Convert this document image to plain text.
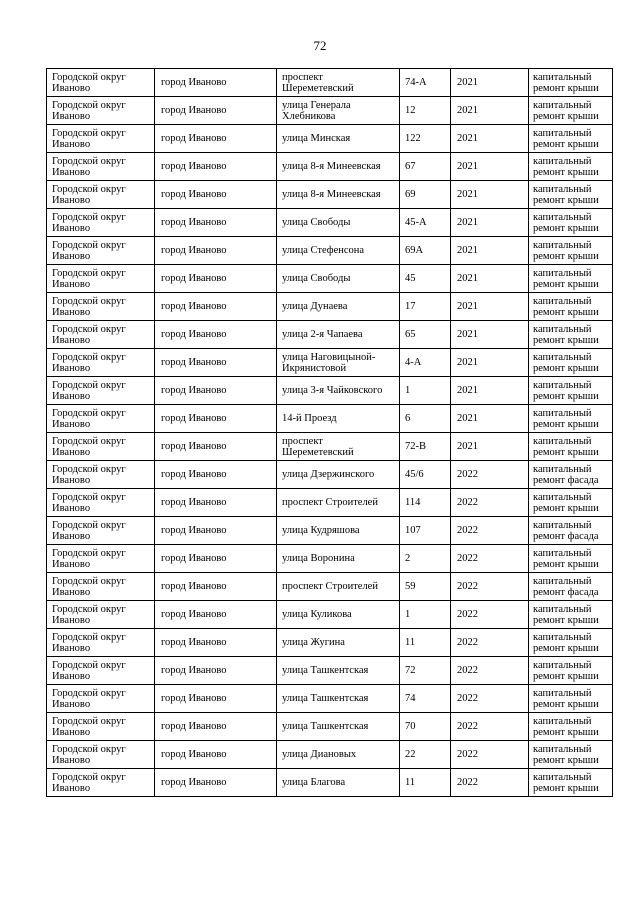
72
Городской округ Иваново	город Иваново	проспект Шереметевский	74-А	2021	капитальный ремонт крыши
Городской округ Иваново	город Иваново	улица Генерала Хлебникова	12	2021	капитальный ремонт крыши
Городской округ Иваново	город Иваново	улица Минская	122	2021	капитальный ремонт крыши
Городской округ Иваново	город Иваново	улица 8-я Минеевская	67	2021	капитальный ремонт крыши
Городской округ Иваново	город Иваново	улица 8-я Минеевская	69	2021	капитальный ремонт крыши
Городской округ Иваново	город Иваново	улица Свободы	45-А	2021	капитальный ремонт крыши
Городской округ Иваново	город Иваново	улица Стефенсона	69А	2021	капитальный ремонт крыши
Городской округ Иваново	город Иваново	улица Свободы	45	2021	капитальный ремонт крыши
Городской округ Иваново	город Иваново	улица Дунаева	17	2021	капитальный ремонт крыши
Городской округ Иваново	город Иваново	улица 2-я Чапаева	65	2021	капитальный ремонт крыши
Городской округ Иваново	город Иваново	улица Наговицыной-Икрянистовой	4-А	2021	капитальный ремонт крыши
Городской округ Иваново	город Иваново	улица 3-я Чайковского	1	2021	капитальный ремонт крыши
Городской округ Иваново	город Иваново	14-й Проезд	6	2021	капитальный ремонт крыши
Городской округ Иваново	город Иваново	проспект Шереметевский	72-В	2021	капитальный ремонт крыши
Городской округ Иваново	город Иваново	улица Дзержинского	45/6	2022	капитальный ремонт фасада
Городской округ Иваново	город Иваново	проспект Строителей	114	2022	капитальный ремонт крыши
Городской округ Иваново	город Иваново	улица Кудряшова	107	2022	капитальный ремонт фасада
Городской округ Иваново	город Иваново	улица Воронина	2	2022	капитальный ремонт крыши
Городской округ Иваново	город Иваново	проспект Строителей	59	2022	капитальный ремонт фасада
Городской округ Иваново	город Иваново	улица Куликова	1	2022	капитальный ремонт крыши
Городской округ Иваново	город Иваново	улица Жугина	11	2022	капитальный ремонт крыши
Городской округ Иваново	город Иваново	улица Ташкентская	72	2022	капитальный ремонт крыши
Городской округ Иваново	город Иваново	улица Ташкентская	74	2022	капитальный ремонт крыши
Городской округ Иваново	город Иваново	улица Ташкентская	70	2022	капитальный ремонт крыши
Городской округ Иваново	город Иваново	улица Диановых	22	2022	капитальный ремонт крыши
Городской округ Иваново	город Иваново	улица Благова	11	2022	капитальный ремонт крыши
